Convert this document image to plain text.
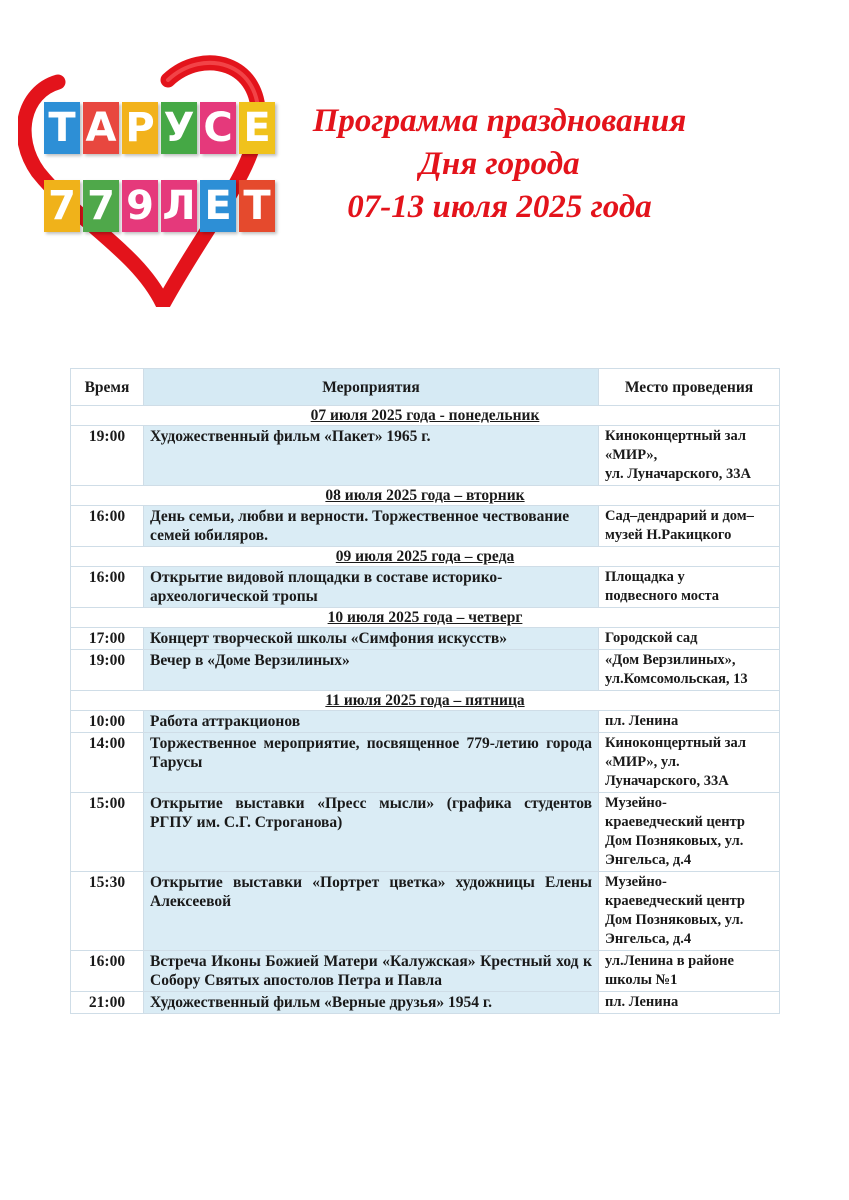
Т А Р У С Е
7 7 9 Л Е Т
Программа празднования
Дня города
07-13 июля 2025 года
Время	Мероприятия	Место проведения
07 июля 2025 года - понедельник		
19:00	Художественный фильм «Пакет» 1965 г.	Киноконцертный зал
«МИР»,
ул. Луначарского, 33А

08 июля 2025 года – вторник		
16:00	День семьи, любви и верности. Торжественное чествование семей юбиляров.	Сад–дендрарий и дом–
музей Н.Ракицкого

09 июля 2025 года – среда		
16:00	Открытие видовой площадки в составе историко-археологической тропы	Площадка у
подвесного моста

10 июля 2025 года – четверг		
17:00	Концерт творческой школы «Симфония искусств»	Городской сад

19:00	Вечер в «Доме Верзилиных»	«Дом Верзилиных»,
ул.Комсомольская, 13

11 июля 2025 года – пятница		
10:00	Работа аттракционов	пл. Ленина

14:00	Торжественное мероприятие, посвященное 779-летию города Тарусы	Киноконцертный зал
«МИР», ул.
Луначарского, 33А

15:00	Открытие выставки «Пресс мысли» (графика студентов РГПУ им. С.Г. Строганова)	Музейно-
краеведческий центр
Дом Позняковых, ул.
Энгельса, д.4

15:30	Открытие выставки «Портрет цветка» художницы Елены Алексеевой	Музейно-
краеведческий центр
Дом Позняковых, ул.
Энгельса, д.4

16:00	Встреча Иконы Божией Матери «Калужская» Крестный ход к Собору Святых апостолов Петра и Павла	ул.Ленина в районе
школы №1

21:00	Художественный фильм «Верные друзья» 1954 г.	пл. Ленина
